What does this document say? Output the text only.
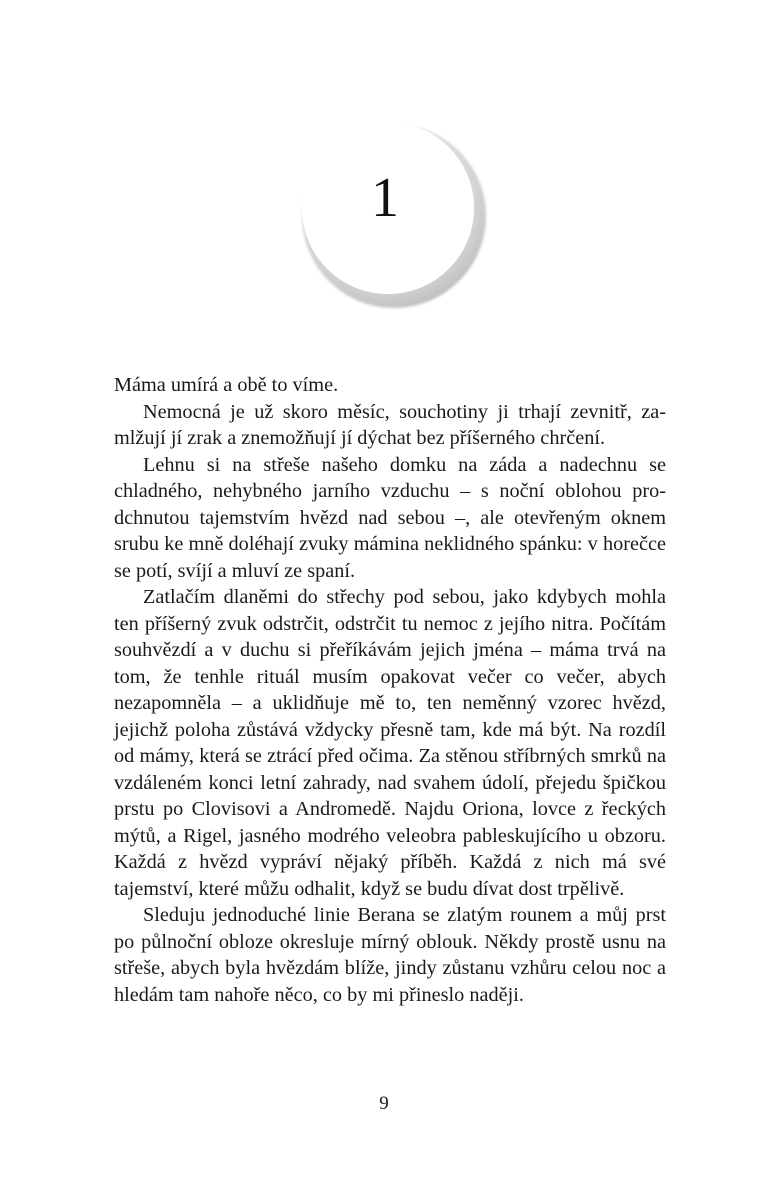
1

Máma umírá a obě to víme.

Nemocná je už skoro měsíc, souchotiny ji trhají zevnitř, zamlžují jí zrak a znemožňují jí dýchat bez příšerného chrčení.

Lehnu si na střeše našeho domku na záda a nadechnu se chladného, nehybného jarního vzduchu – s noční oblohou prodchnutou tajemstvím hvězd nad sebou –, ale otevřeným oknem srubu ke mně doléhají zvuky mámina neklidného spánku: v horečce se potí, svíjí a mluví ze spaní.

Zatlačím dlaněmi do střechy pod sebou, jako kdybych mohla ten příšerný zvuk odstrčit, odstrčit tu nemoc z jejího nitra. Počítám souhvězdí a v duchu si přeříkávám jejich jména – máma trvá na tom, že tenhle rituál musím opakovat večer co večer, abych nezapomněla – a uklidňuje mě to, ten neměnný vzorec hvězd, jejichž poloha zůstává vždycky přesně tam, kde má být. Na rozdíl od mámy, která se ztrácí před očima. Za stěnou stříbrných smrků na vzdáleném konci letní zahrady, nad svahem údolí, přejedu špičkou prstu po Clovisovi a Andromedě. Najdu Oriona, lovce z řeckých mýtů, a Rigel, jasného modrého veleobra pableskujícího u obzoru. Každá z hvězd vypráví nějaký příběh. Každá z nich má své tajemství, které můžu odhalit, když se budu dívat dost trpělivě.

Sleduju jednoduché linie Berana se zlatým rounem a můj prst po půlnoční obloze okresluje mírný oblouk. Někdy prostě usnu na střeše, abych byla hvězdám blíže, jindy zůstanu vzhůru celou noc a hledám tam nahoře něco, co by mi přineslo naději.

9
